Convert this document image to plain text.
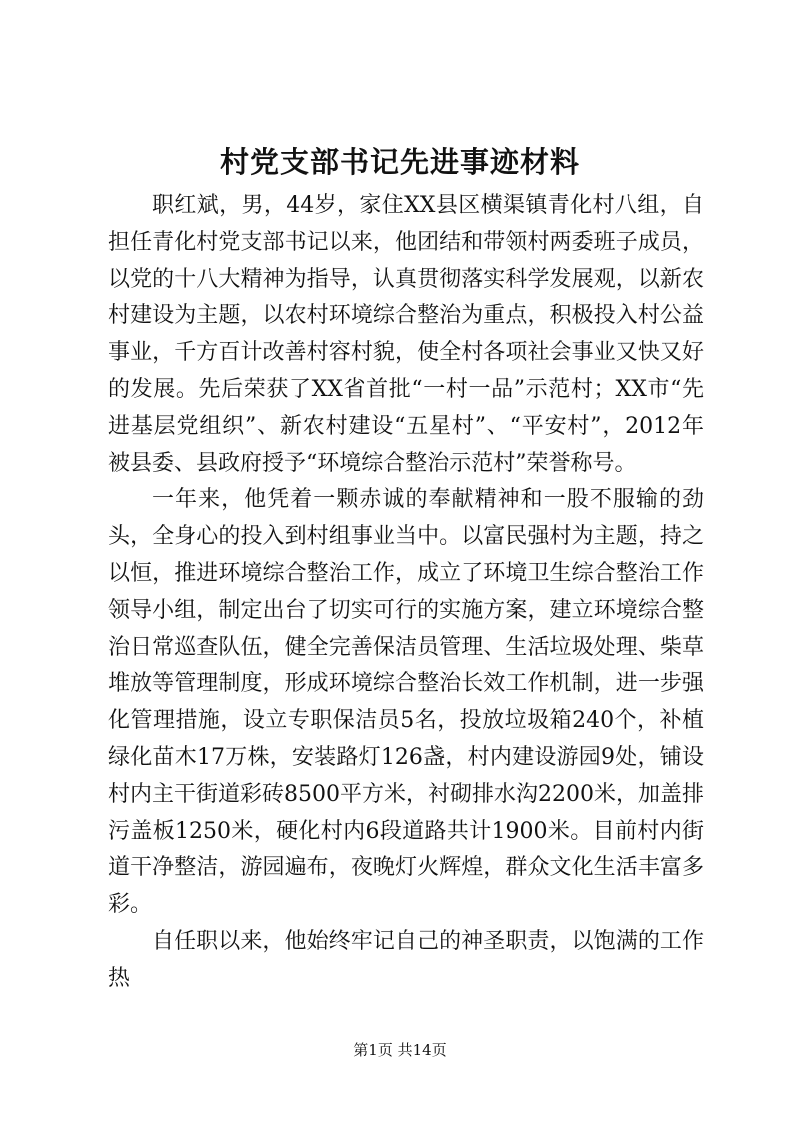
村党支部书记先进事迹材料

职红斌，男，44岁，家住XX县区横渠镇青化村八组，自担任青化村党支部书记以来，他团结和带领村两委班子成员，以党的十八大精神为指导，认真贯彻落实科学发展观，以新农村建设为主题，以农村环境综合整治为重点，积极投入村公益事业，千方百计改善村容村貌，使全村各项社会事业又快又好的发展。先后荣获了XX省首批“一村一品”示范村；XX市“先进基层党组织”、新农村建设“五星村”、“平安村”，2012年被县委、县政府授予“环境综合整治示范村”荣誉称号。

一年来，他凭着一颗赤诚的奉献精神和一股不服输的劲头，全身心的投入到村组事业当中。以富民强村为主题，持之以恒，推进环境综合整治工作，成立了环境卫生综合整治工作领导小组，制定出台了切实可行的实施方案，建立环境综合整治日常巡查队伍，健全完善保洁员管理、生活垃圾处理、柴草堆放等管理制度，形成环境综合整治长效工作机制，进一步强化管理措施，设立专职保洁员5名，投放垃圾箱240个，补植绿化苗木17万株，安装路灯126盏，村内建设游园9处，铺设村内主干街道彩砖8500平方米，衬砌排水沟2200米，加盖排污盖板1250米，硬化村内6段道路共计1900米。目前村内街道干净整洁，游园遍布，夜晚灯火辉煌，群众文化生活丰富多彩。

自任职以来，他始终牢记自己的神圣职责，以饱满的工作热

第1页 共14页
